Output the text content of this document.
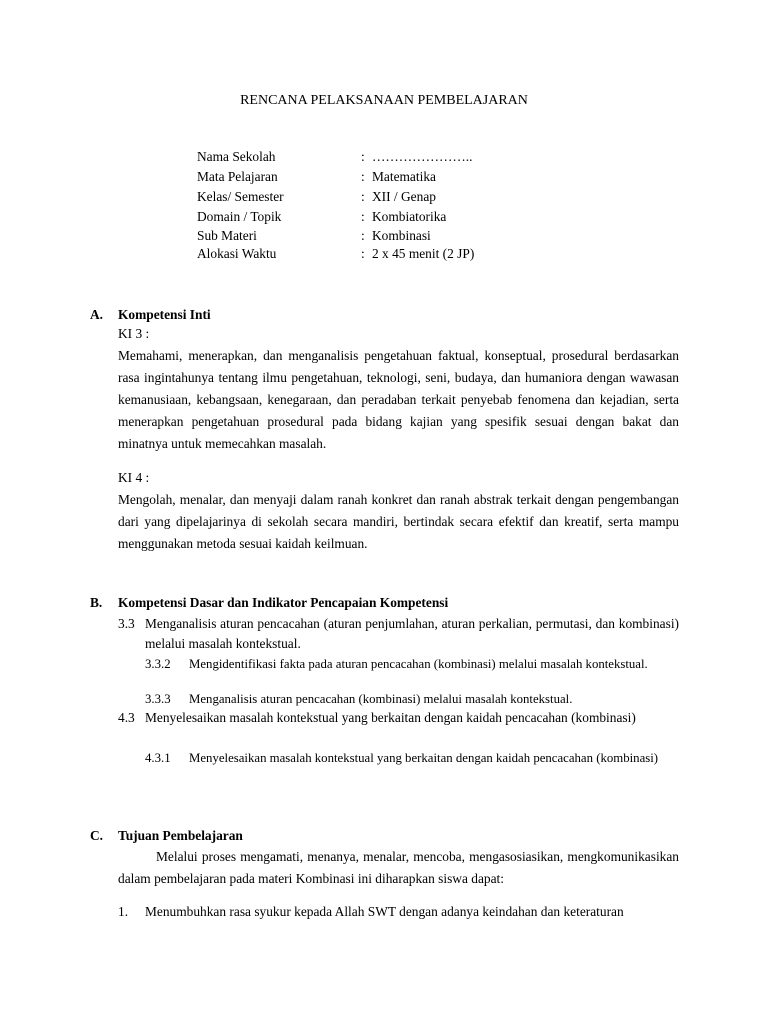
RENCANA PELAKSANAAN PEMBELAJARAN
Nama Sekolah	: …………………..
Mata Pelajaran	: Matematika
Kelas/ Semester	: XII / Genap
Domain / Topik	: Kombiatorika
Sub Materi	: Kombinasi
Alokasi Waktu	: 2 x 45 menit (2 JP)
A. Kompetensi Inti
KI 3 :
Memahami, menerapkan, dan menganalisis pengetahuan faktual, konseptual, prosedural berdasarkan rasa ingintahunya tentang ilmu pengetahuan, teknologi, seni, budaya, dan humaniora dengan wawasan kemanusiaan, kebangsaan, kenegaraan, dan peradaban terkait penyebab fenomena dan kejadian, serta menerapkan pengetahuan prosedural pada bidang kajian yang spesifik sesuai dengan bakat dan minatnya untuk memecahkan masalah.
KI 4 :
Mengolah, menalar, dan menyaji dalam ranah konkret dan ranah abstrak terkait dengan pengembangan dari yang dipelajarinya di sekolah secara mandiri, bertindak secara efektif dan kreatif, serta mampu menggunakan metoda sesuai kaidah keilmuan.
B. Kompetensi Dasar dan Indikator Pencapaian Kompetensi
3.3 Menganalisis aturan pencacahan (aturan penjumlahan, aturan perkalian, permutasi, dan kombinasi) melalui masalah kontekstual.
3.3.2 Mengidentifikasi fakta pada aturan pencacahan (kombinasi) melalui masalah kontekstual.
3.3.3 Menganalisis aturan pencacahan (kombinasi) melalui masalah kontekstual.
4.3 Menyelesaikan masalah kontekstual yang berkaitan dengan kaidah pencacahan (kombinasi)
4.3.1 Menyelesaikan masalah kontekstual yang berkaitan dengan kaidah pencacahan (kombinasi)
C. Tujuan Pembelajaran
Melalui proses mengamati, menanya, menalar, mencoba, mengasosiasikan, mengkomunikasikan dalam pembelajaran pada materi Kombinasi ini diharapkan siswa dapat:
1. Menumbuhkan rasa syukur kepada Allah SWT dengan adanya keindahan dan keteraturan
